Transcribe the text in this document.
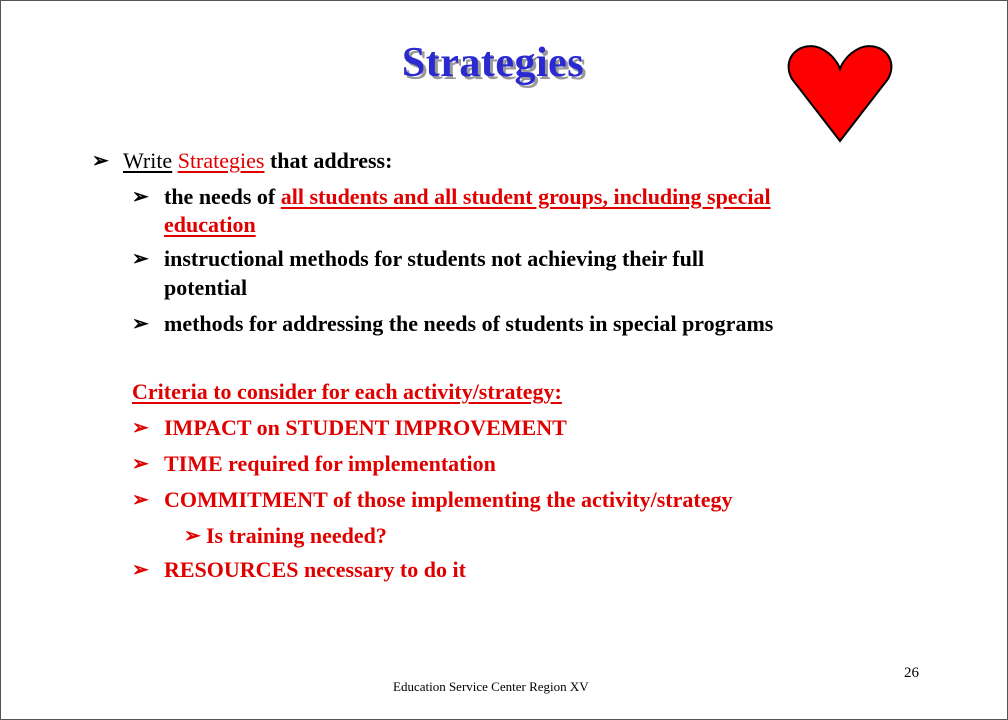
Strategies
➢ Write Strategies that address:
➢ the needs of all students and all student groups, including special
education
➢ instructional methods for students not achieving their full
potential
➢ methods for addressing the needs of students in special programs
Criteria to consider for each activity/strategy:
➢ IMPACT on STUDENT IMPROVEMENT
➢ TIME required for implementation
➢ COMMITMENT of those implementing the activity/strategy
➢ Is training needed?
➢ RESOURCES necessary to do it
26
Education Service Center Region XV
